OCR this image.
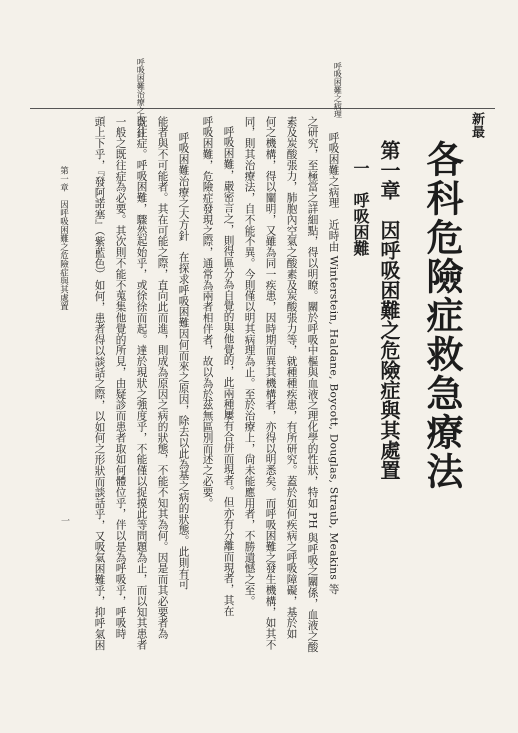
新最
各科危險症救急療法
呼吸困難之病理
呼吸困難治療之大方針
第一章　因呼吸困難之危險症與其處置
一　呼吸困難
呼吸困難之病理　近時由 Winterstein, Haldane, Boycott, Douglas, Straub, Meakins 等
之研究，至極當之詳細點，得以明瞭。關於呼吸中樞與血液之理化學的性狀，特如 PH 與呼吸之關係，血液之酸
素及炭酸張力，肺胞內空氣之酸素及炭酸張力等，就種種疾患，有所研究。蓋於如何疾病之呼吸障礙，基於如
何之機構，得以闡明，又雖為同一疾患，因時期而異其機構者，亦得以明悉矣。而呼吸困難之發生機構，如其不
同，則其治療法，自不能不異。今則僅以明其病理為止。至於治療上，尙未能應用者，不勝遺憾之至。
呼吸困難，嚴密言之，則得區分為自覺的與他覺的，此兩種屢有合併而現者。但亦有分離而現者，其在
呼吸困難，危險症發現之際，通常為兩者相伴者，故以為於茲無區別而述之必要。
呼吸困難治療之大方針　在探求呼吸困難因何而來之原因，除去以此為基之病的狀態。此則有可
能者與不可能者。其在可能之際，直向此而進，則成為原因之病的狀態，不能不知其為何。因是而其必要者為
既往症。呼吸困難，驟然起始乎，或徐徐而起。達於現狀之強度乎，不能僅以捉摸此等問題為止，而以知其患者
一般之既往症為必要。其次則不能不蒐集他覺的所見，由疑診而患者取如何體位乎，伴以是為呼吸乎，呼吸時
頭上下乎，『發阿諾塞』（紫藍色）如何，患者得以談話之際，以如何之形狀而談話乎，又吸氣困難乎，抑呼氣困
第一章　因呼吸困難之危險症與其處置
一
